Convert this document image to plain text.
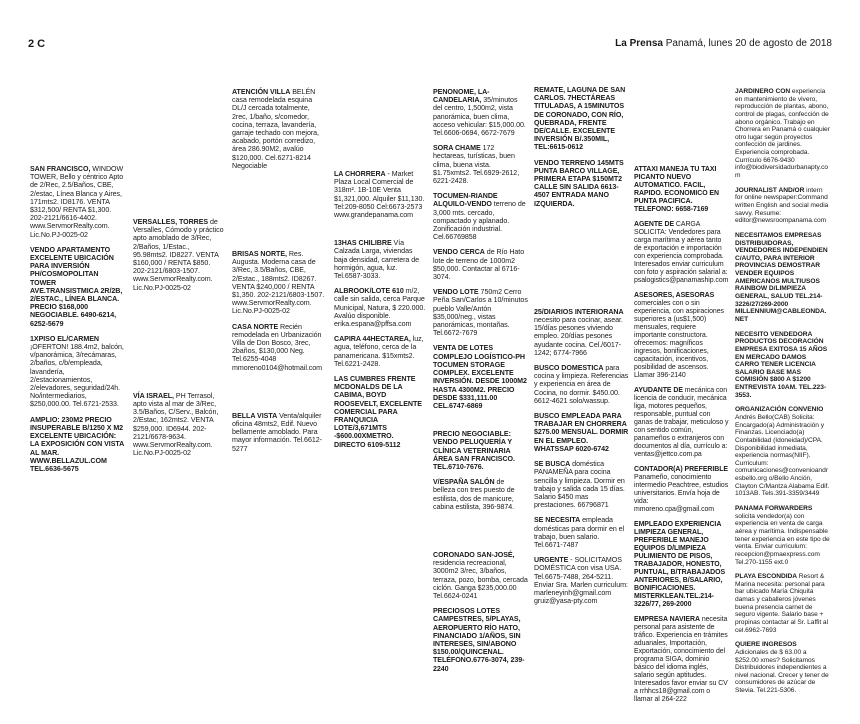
2 C	La Prensa Panamá, lunes 20 de agosto de 2018

SAN FRANCISCO, WINDOW TOWER, Bello y céntrico Apto de 2/Rec, 2.5/Baños, CBE, 2/estac, Línea Blanca y Aires, 171mts2. ID8176. VENTA $312,500/ RENTA $1,300. 202-2121/6616-4402. www.ServmorRealty.com. Lic.No.PJ-0025-02

VENDO APARTAMENTO EXCELENTE UBICACIÓN PARA INVERSIÓN PH/COSMOPOLITAN TOWER AVE.TRANSISTMICA 2R/2B, 2/ESTAC., LÍNEA BLANCA. PRECIO $168,000 NEGOCIABLE. 6490-6214, 6252-5679

1XPISO EL/CARMEN ¡OFERTON! 188.4m2, balcón, v/panorámica, 3/recámaras, 2/baños, c/b/empleada, lavandería, 2/estacionamientos, 2/elevadores, seguridad/24h. No/intermediarios, $250,000.00. Tel.6721-2533.

AMPLIO: 230M2 PRECIO INSUPERABLE B/1250 X M2 EXCELENTE UBICACIÓN: LA EXPOSICIÓN CON VISTA AL MAR. WWW.BELLAZUL.COM TEL.6636-5675

VERSALLES, TORRES de Versalles, Cómodo y práctico apto amoblado de 3/Rec, 2/Baños, 1/Estac., 95.98mts2. ID8227. VENTA $160,000 / RENTA $850. 202-2121/6803-1507. www.ServmorRealty.com. Lic.No.PJ-0025-02

VÍA ISRAEL, PH Terrasol, apto vista al mar de 3/Rec, 3.5/Baños, C/Serv., Balcón, 2/Estac, 162mts2. VENTA $259,000. ID6944. 202-2121/6678-9634. www.ServmorRealty.com. Lic.No.PJ-0025-02

ATENCIÓN VILLA BELÉN casa remodelada esquina DL/J cercada totalmente, 2rec, 1/baño, s/comedor, cocina, terraza, lavandería, garraje techado con mejora, acabado, portón corredizo, área 286.90M2, avalúo $120,000. Cel.6271-8214 Negociable

BRISAS NORTE, Res. Augusta. Moderna casa de 3/Rec, 3.5/Baños, CBE, 2/Estac., 188mts2. ID8267. VENTA $240,000 / RENTA $1,350. 202-2121/6803-1507. www.ServmorRealty.com. Lic.No.PJ-0025-02

CASA NORTE Recién remodelada en Urbanización Villa de Don Bosco, 3rec, 2baños, $130,000 Neg. Tel.6255-4048 mmoreno0104@hotmail.com

BELLA VISTA Venta/alquiler oficina 48mts2, Edif. Nuevo bellamente amoblado. Para mayor información. Tel.6612-5277

LA CHORRERA - Market Plaza Local Comercial de 318m². 1B-10E Venta $1,321,000. Alquiler $11,130. Tel:209-8050 Cel:6673-2573 www.grandepanama.com

13HAS CHILIBRE Vía Calzada Larga, viviendas baja densidad, carretera de hormigón, agua, luz. Tel.6587-3033.

ALBROOK/LOTE 610 m/2, calle sin salida, cerca Parque Municipal, Natura, $ 220.000. Avalúo disponible. erika.espana@pffsa.com

CAPIRA 44HECTAREA, luz, agua, teléfono, cerca de la panamericana. $15xmts2. Tel.6221-2428.

LAS CUMBRES FRENTE MCDONALDS DE LA CABIMA, BOYD ROOSEVELT, EXCELENTE COMERCIAL PARA FRANQUICIA LOTE/3,671MTS -$600.00XMETRO. DIRECTO 6109-5112

PENONOME, LA-CANDELARIA, 35/minutos del centro, 1,500m2, vista panorámica, buen clima, acceso vehicular: $15,000.00. Tel.6606-0694, 6672-7679

SORA CHAME 172 hectareas, turísticas, buen clima, buena vista. $1.75xmts2. Tel.6929-2612, 6221-2428.

TOCUMEN-RIANDE ALQUILO-VENDO terreno de 3,000 mts. cercado, compactado y aplanado. Zonificación industrial. Cel.66769858

VENDO CERCA de Río Hato lote de terreno de 1000m2 $50,000. Contactar al 6716-3074.

VENDO LOTE 750m2 Cerro Peña San/Carlos a 10/minutos pueblo Valle/Antón $35,000/neg., vistas panorámicas, montañas. Tel.6672-7679

VENTA DE LOTES COMPLEJO LOGÍSTICO-PH TOCUMEN STORAGE COMPLEX. EXCELENTE INVERSIÓN. DESDE 1000M2 HASTA 4300M2. PRECIO DESDE $331,111.00 CEL.6747-6869

PRECIO NEGOCIABLE: VENDO PELUQUERÍA Y CLÍNICA VETERINARIA ÁREA SAN FRANCISCO. TEL.6710-7676.

V/ESPAÑA SALÓN de belleza con tres puesto de estilista, dos de manicure, cabina estilista, 396-9874.

CORONADO SAN-JOSÉ, residencia recreacional, 3000m2 3/rec, 3/baños, terraza, pozo, bomba, cercada ciclón. Ganga $235,000.00 Tel.6624-0241

PRECIOSOS LOTES CAMPESTRES, 5/PLAYAS, AEROPUERTO RÍO HATO, FINANCIADO 1/AÑOS, SIN INTERESES, SIN/ABONO $150.00/QUINCENAL. TELÉFONO.6776-3074, 239-2240

REMATE, LAGUNA DE SAN CARLOS. 7HECTÁREAS TITULADAS, A 15MINUTOS DE CORONADO, CON RÍO, QUEBRADA, FRENTE DE/CALLE. EXCELENTE INVERSIÓN B/.350MIL, TEL:6615-0612

VENDO TERRENO 145MTS PUNTA BARCO VILLAGE, PRIMERA ETAPA $150MT2 CALLE SIN SALIDA 6613-4507 ENTRADA MANO IZQUIERDA.

25/DIARIOS INTERIORANA necesito para cocinar, asear. 15/días pesones viviendo empleo. 20/días pesones ayudante cocina. Cel./6017-1242; 6774-7966

BUSCO DOMESTICA para cocina y limpieza. Referencias y experiencia en área de Cocina, no dormir. $450.00. 6612-4621 solo/wassup.

BUSCO EMPLEADA PARA TRABAJAR EN CHORRERA $275.00 MENSUAL. DORMIR EN EL EMPLEO. WHATSSAP 6020-6742

SE BUSCA doméstica PANAMEÑA para cocina sencilla y limpieza. Dormir en trabajo y salida cada 15 días. Salario $450 mas prestaciones. 66796871

SE NECESITA empleada domésticas para dormir en el trabajo, buen salario. Tel.6671-7487

URGENTE - SOLICITAMOS DOMÉSTICA con visa USA. Tel.6675-7488, 264-5211. Enviar Sra. Marlen curriculum: marleneyinh@gmail.com gruiz@yasa-pty.com

ATTAXI MANEJA TU TAXI PICANTO NUEVO AUTOMATICO. FACIL, RAPIDO. ECONOMICO EN PUNTA PACIFICA. TELEFONO: 6658-7169

AGENTE DE CARGA SOLICITA: Vendedores para carga marítima y aérea tanto de exportación e importación con experiencia comprobada. Interesados enviar curriculum con foto y aspiración salarial a: psalogistics@panamaship.com

ASESORES, ASESORAS comerciales con o sin experiencia, con aspiraciones superiores a (us$1,500) mensuales, requiere importante constructora. ofrecemos: magníficos ingresos, bonificaciones, capacitación, incentivos, posibilidad de ascensos. Llamar 396-2140

AYUDANTE DE mecánica con licencia de conducir, mecánica liga, motores pequeños, responsable, puntual con ganas de trabajar, meticuloso y con sentido común, panameños o extranjeros con documentos al día, currículo a: ventas@jettco.com.pa

CONTADOR(A) PREFERIBLE Panameño, conocimiento intermedio Peachtree, estudios universitarios. Envía hoja de vida: mmoreno.cpa@gmail.com

EMPLEADO EXPERIENCIA LIMPIEZA GENERAL, PREFERIBLE MANEJO EQUIPOS D/LIMPIEZA PULIMIENTO DE PISOS, TRABAJADOR, HONESTO, PUNTUAL, B/TRABAJADOS ANTERIORES, B/SALARIO, BONIFICACIONES. MISTERKLEAN.TEL.214-3226/77, 269-2000

EMPRESA NAVIERA necesita personal para asistente de tráfico. Experiencia en trámites aduanales, Importación, Exportación, conocimiento del programa SIGA, dominio básico del idioma inglés, salario según aptitudes. Interesados favor enviar su CV a rrhhcs18@gmail.com o llamar al 264-222

JARDINERO CON experiencia en mantenimiento de vivero, reproducción de plantas, abono, control de plagas, confección de abono orgánico. Trabajo en Chorrera en Panamá o cualquier otro lugar según proyectos confección de jardines. Experiencia comprobada. Currículo 6676-9430 info@biodiversidadurbanapty.com

JOURNALIST AND/OR intern for online newspaper:Command written English and social media savvy. Resume: editor@newsroompanama.com

NECESITAMOS EMPRESAS DISTRIBUIDORAS, VENDEDORES INDEPENDIEN C/AUTO, PARA INTERIOR PROVINCIAS DEMOSTRAR VENDER EQUIPOS AMERICANOS MULTIUSOS RAINBOW D/LIMPIEZA GENERAL, SALUD TEL.214-3226/27/269-2000 MILLENNIUM@CABLEONDA.NET

NECESITO VENDEDORA PRODUCTOS DECORACIÓN EMPRESA EXITOSA 15 AÑOS EN MERCADO DAMOS CARRO TENER LICENCIA SALARIO BASE MAS COMISIÓN $800 A $1200 ENTREVISTA 10AM. TEL.223-3553.

ORGANIZACIÓN CONVENIO Andrés Bello(CAB) Solicita: Encargado(a) Administración y Finanzas. Licenciado(a) Contabilidad (Idoneidad)/CPA. Disponibilidad inmediata, experiencia normas(NIIF). Curriculum: comunicaciones@convenioandresbello.org o/Bello Anción, Clayton C/Mantza Alabama Edif. 1013AB. Tels.391-3359/3449

PANAMA FORWARDERS solicita vendedor(a) con experiencia en venta de carga aérea y marítima. Indispensable tener experiencia en este tipo de venta. Enviar curriculum: recepcion@pmaexpress.com Tel.270-1155 ext.0

PLAYA ESCONDIDA Resort & Marina necesita: personal para bar ubicado María Chiquita damas y caballeros jóvenes buena presencia carnet de seguro vigente. Salario base + propinas contactar al Sr. Laffit al cel.6962-7693

QUIERE INGRESOS Adicionales de $ 63.00 a $252.00 xmes? Solicitamos Distribuidores independientes a nivel nacional. Crecer y tener de consumidores de azúcar de Stevia. Tel.221-5306.
